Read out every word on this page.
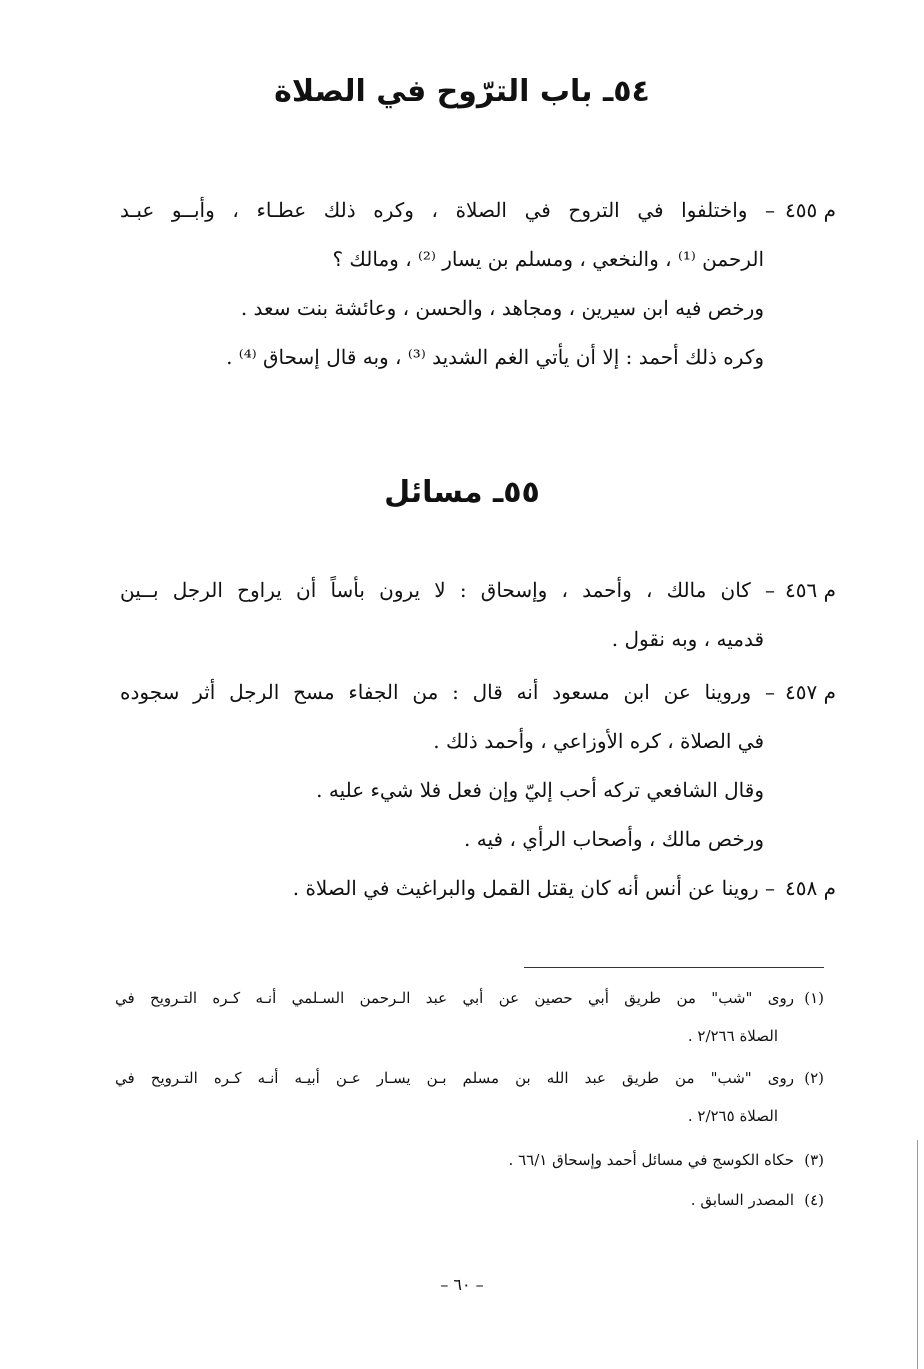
٥٤ـ باب الترّوح في الصلاة
م ٤٥٥– واختلفوا في التروح في الصلاة ، وكره ذلك عطـاء ، وأبــو عبـد
الرحمن ⁽¹⁾ ، والنخعي ، ومسلم بن يسار ⁽²⁾ ، ومالك ؟
ورخص فيه ابن سيرين ، ومجاهد ، والحسن ، وعائشة بنت سعد .
وكره ذلك أحمد : إلا أن يأتي الغم الشديد ⁽³⁾ ، وبه قال إسحاق ⁽⁴⁾ .
٥٥ـ مسائل
م ٤٥٦– كان مالك ، وأحمد ، وإسحاق : لا يرون بأساً أن يراوح الرجل بــين
قدميه ، وبه نقول .
م ٤٥٧– وروينا عن ابن مسعود أنه قال : من الجفاء مسح الرجل أثر سجوده
في الصلاة ، كره الأوزاعي ، وأحمد ذلك .
وقال الشافعي تركه أحب إليّ وإن فعل فلا شيء عليه .
ورخص مالك ، وأصحاب الرأي ، فيه .
م ٤٥٨– روينا عن أنس أنه كان يقتل القمل والبراغيث في الصلاة .
(١)روى "شب" من طريق أبي حصين عن أبي عبد الـرحمن السـلمي أنـه كـره التـرويح في
الصلاة ٢/٢٦٦ .
(٢)روى "شب" من طريق عبد الله بن مسلم بـن يسـار عـن أبيـه أنـه كـره التـرويح في
الصلاة ٢/٢٦٥ .
(٣)حكاه الكوسج في مسائل أحمد وإسحاق ٦٦/١ .
(٤)المصدر السابق .
– ٦٠ –
